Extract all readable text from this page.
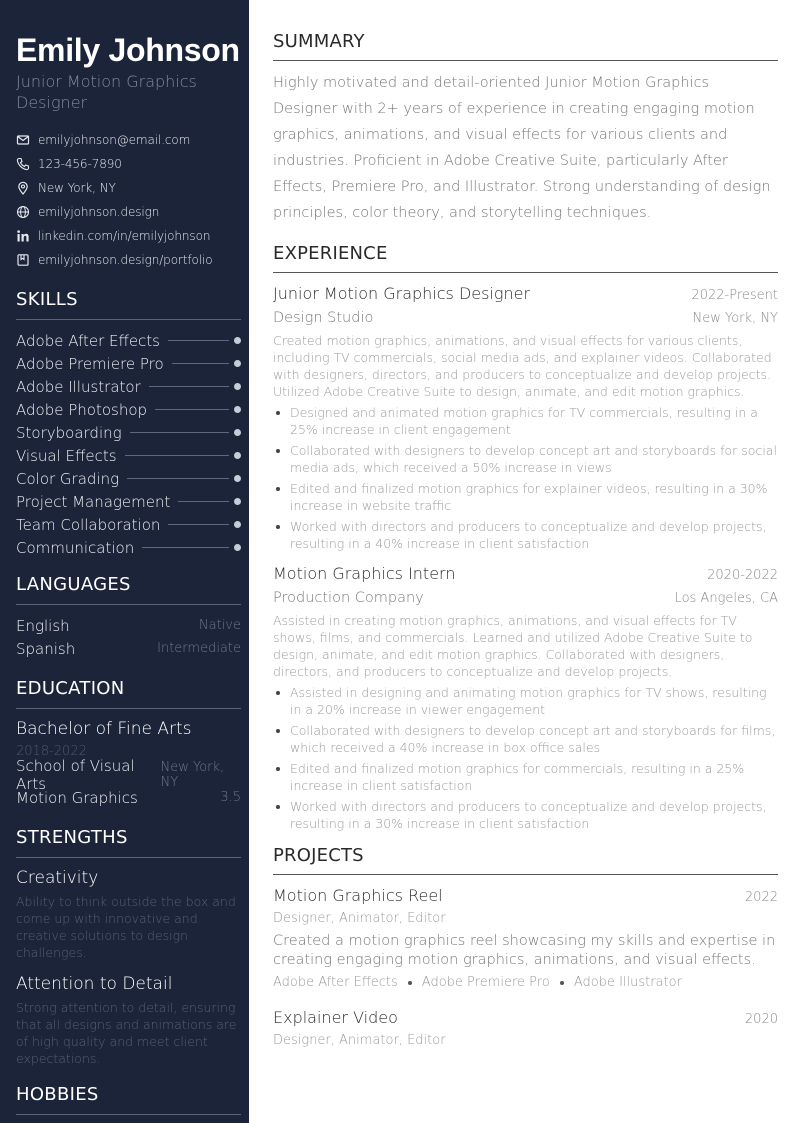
Emily Johnson
Junior Motion Graphics Designer
emilyjohnson@email.com
123-456-7890
New York, NY
emilyjohnson.design
linkedin.com/in/emilyjohnson
emilyjohnson.design/portfolio
SKILLS
Adobe After Effects
Adobe Premiere Pro
Adobe Illustrator
Adobe Photoshop
Storyboarding
Visual Effects
Color Grading
Project Management
Team Collaboration
Communication
LANGUAGES
English	Native
Spanish	Intermediate
EDUCATION
Bachelor of Fine Arts
2018-2022
School of Visual Arts
New York, NY
Motion Graphics	3.5
STRENGTHS
Creativity
Ability to think outside the box and come up with innovative and creative solutions to design challenges.
Attention to Detail
Strong attention to detail, ensuring that all designs and animations are of high quality and meet client expectations.
HOBBIES
SUMMARY
Highly motivated and detail-oriented Junior Motion Graphics Designer with 2+ years of experience in creating engaging motion graphics, animations, and visual effects for various clients and industries. Proficient in Adobe Creative Suite, particularly After Effects, Premiere Pro, and Illustrator. Strong understanding of design principles, color theory, and storytelling techniques.
EXPERIENCE
Junior Motion Graphics Designer	2022-Present
Design Studio	New York, NY
Created motion graphics, animations, and visual effects for various clients, including TV commercials, social media ads, and explainer videos. Collaborated with designers, directors, and producers to conceptualize and develop projects. Utilized Adobe Creative Suite to design, animate, and edit motion graphics.
Designed and animated motion graphics for TV commercials, resulting in a 25% increase in client engagement
Collaborated with designers to develop concept art and storyboards for social media ads, which received a 50% increase in views
Edited and finalized motion graphics for explainer videos, resulting in a 30% increase in website traffic
Worked with directors and producers to conceptualize and develop projects, resulting in a 40% increase in client satisfaction
Motion Graphics Intern	2020-2022
Production Company	Los Angeles, CA
Assisted in creating motion graphics, animations, and visual effects for TV shows, films, and commercials. Learned and utilized Adobe Creative Suite to design, animate, and edit motion graphics. Collaborated with designers, directors, and producers to conceptualize and develop projects.
Assisted in designing and animating motion graphics for TV shows, resulting in a 20% increase in viewer engagement
Collaborated with designers to develop concept art and storyboards for films, which received a 40% increase in box office sales
Edited and finalized motion graphics for commercials, resulting in a 25% increase in client satisfaction
Worked with directors and producers to conceptualize and develop projects, resulting in a 30% increase in client satisfaction
PROJECTS
Motion Graphics Reel	2022
Designer, Animator, Editor
Created a motion graphics reel showcasing my skills and expertise in creating engaging motion graphics, animations, and visual effects.
Adobe After Effects Adobe Premiere Pro Adobe Illustrator
Explainer Video	2020
Designer, Animator, Editor
